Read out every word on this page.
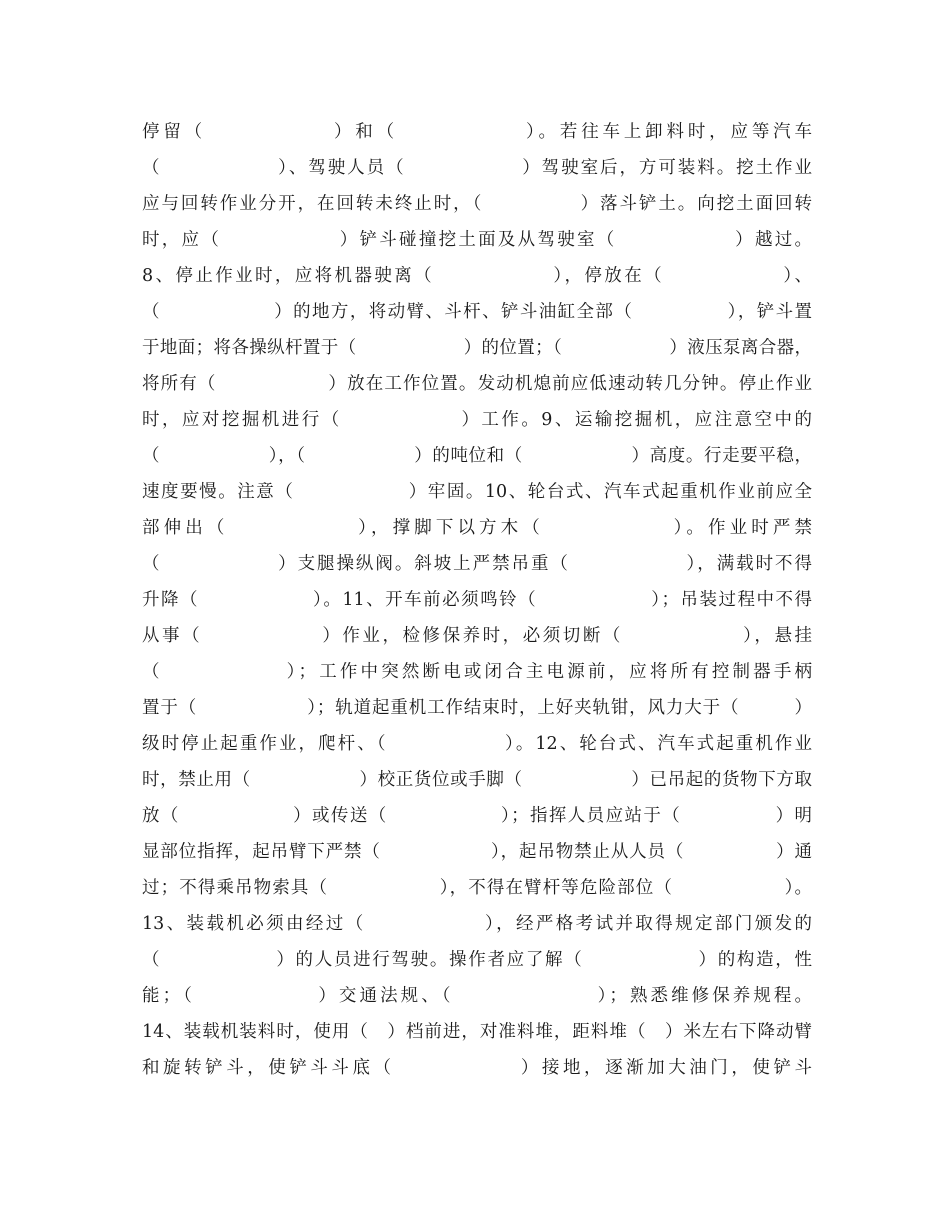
停留（　　　　　　）和（　　　　　　）。若往车上卸料时，应等汽车
（　　　　　　）、驾驶人员（　　　　　　）驾驶室后，方可装料。挖土作业
应与回转作业分开，在回转未终止时，（　　　　　）落斗铲土。向挖土面回转
时，应（　　　　　　）铲斗碰撞挖土面及从驾驶室（　　　　　　）越过。
8、停止作业时，应将机器驶离（　　　　　　），停放在（　　　　　　）、
（　　　　　　）的地方，将动臂、斗杆、铲斗油缸全部（　　　　　），铲斗置
于地面；将各操纵杆置于（　　　　　　）的位置；（　　　　　　）液压泵离合器，
将所有（　　　　　　）放在工作位置。发动机熄前应低速动转几分钟。停止作业
时，应对挖掘机进行（　　　　　　）工作。9、运输挖掘机，应注意空中的
（　　　　　　），（　　　　　　）的吨位和（　　　　　　）高度。行走要平稳，
速度要慢。注意（　　　　　　）牢固。10、轮台式、汽车式起重机作业前应全
部伸出（　　　　　　），撑脚下以方木（　　　　　　）。作业时严禁
（　　　　　　）支腿操纵阀。斜坡上严禁吊重（　　　　　　），满载时不得
升降（　　　　　　）。11、开车前必须鸣铃（　　　　　　）；吊装过程中不得
从事（　　　　　　）作业，检修保养时，必须切断（　　　　　　），悬挂
（　　　　　　）；工作中突然断电或闭合主电源前，应将所有控制器手柄
置于（　　　　　　）；轨道起重机工作结束时，上好夹轨钳，风力大于（　　　）
级时停止起重作业，爬杆、（　　　　　　）。12、轮台式、汽车式起重机作业
时，禁止用（　　　　　　）校正货位或手脚（　　　　　　）已吊起的货物下方取
放（　　　　　　）或传送（　　　　　　）；指挥人员应站于（　　　　　）明
显部位指挥，起吊臂下严禁（　　　　　　），起吊物禁止从人员（　　　　　）通
过；不得乘吊物索具（　　　　　　），不得在臂杆等危险部位（　　　　　　）。
13、装载机必须由经过（　　　　　　），经严格考试并取得规定部门颁发的
（　　　　　　）的人员进行驾驶。操作者应了解（　　　　　　）的构造，性
能；（　　　　　　）交通法规、（　　　　　　　）；熟悉维修保养规程。
14、装载机装料时，使用（　）档前进，对准料堆，距料堆（　）米左右下降动臂
和旋转铲斗，使铲斗斗底（　　　　　　）接地，逐渐加大油门，使铲斗
